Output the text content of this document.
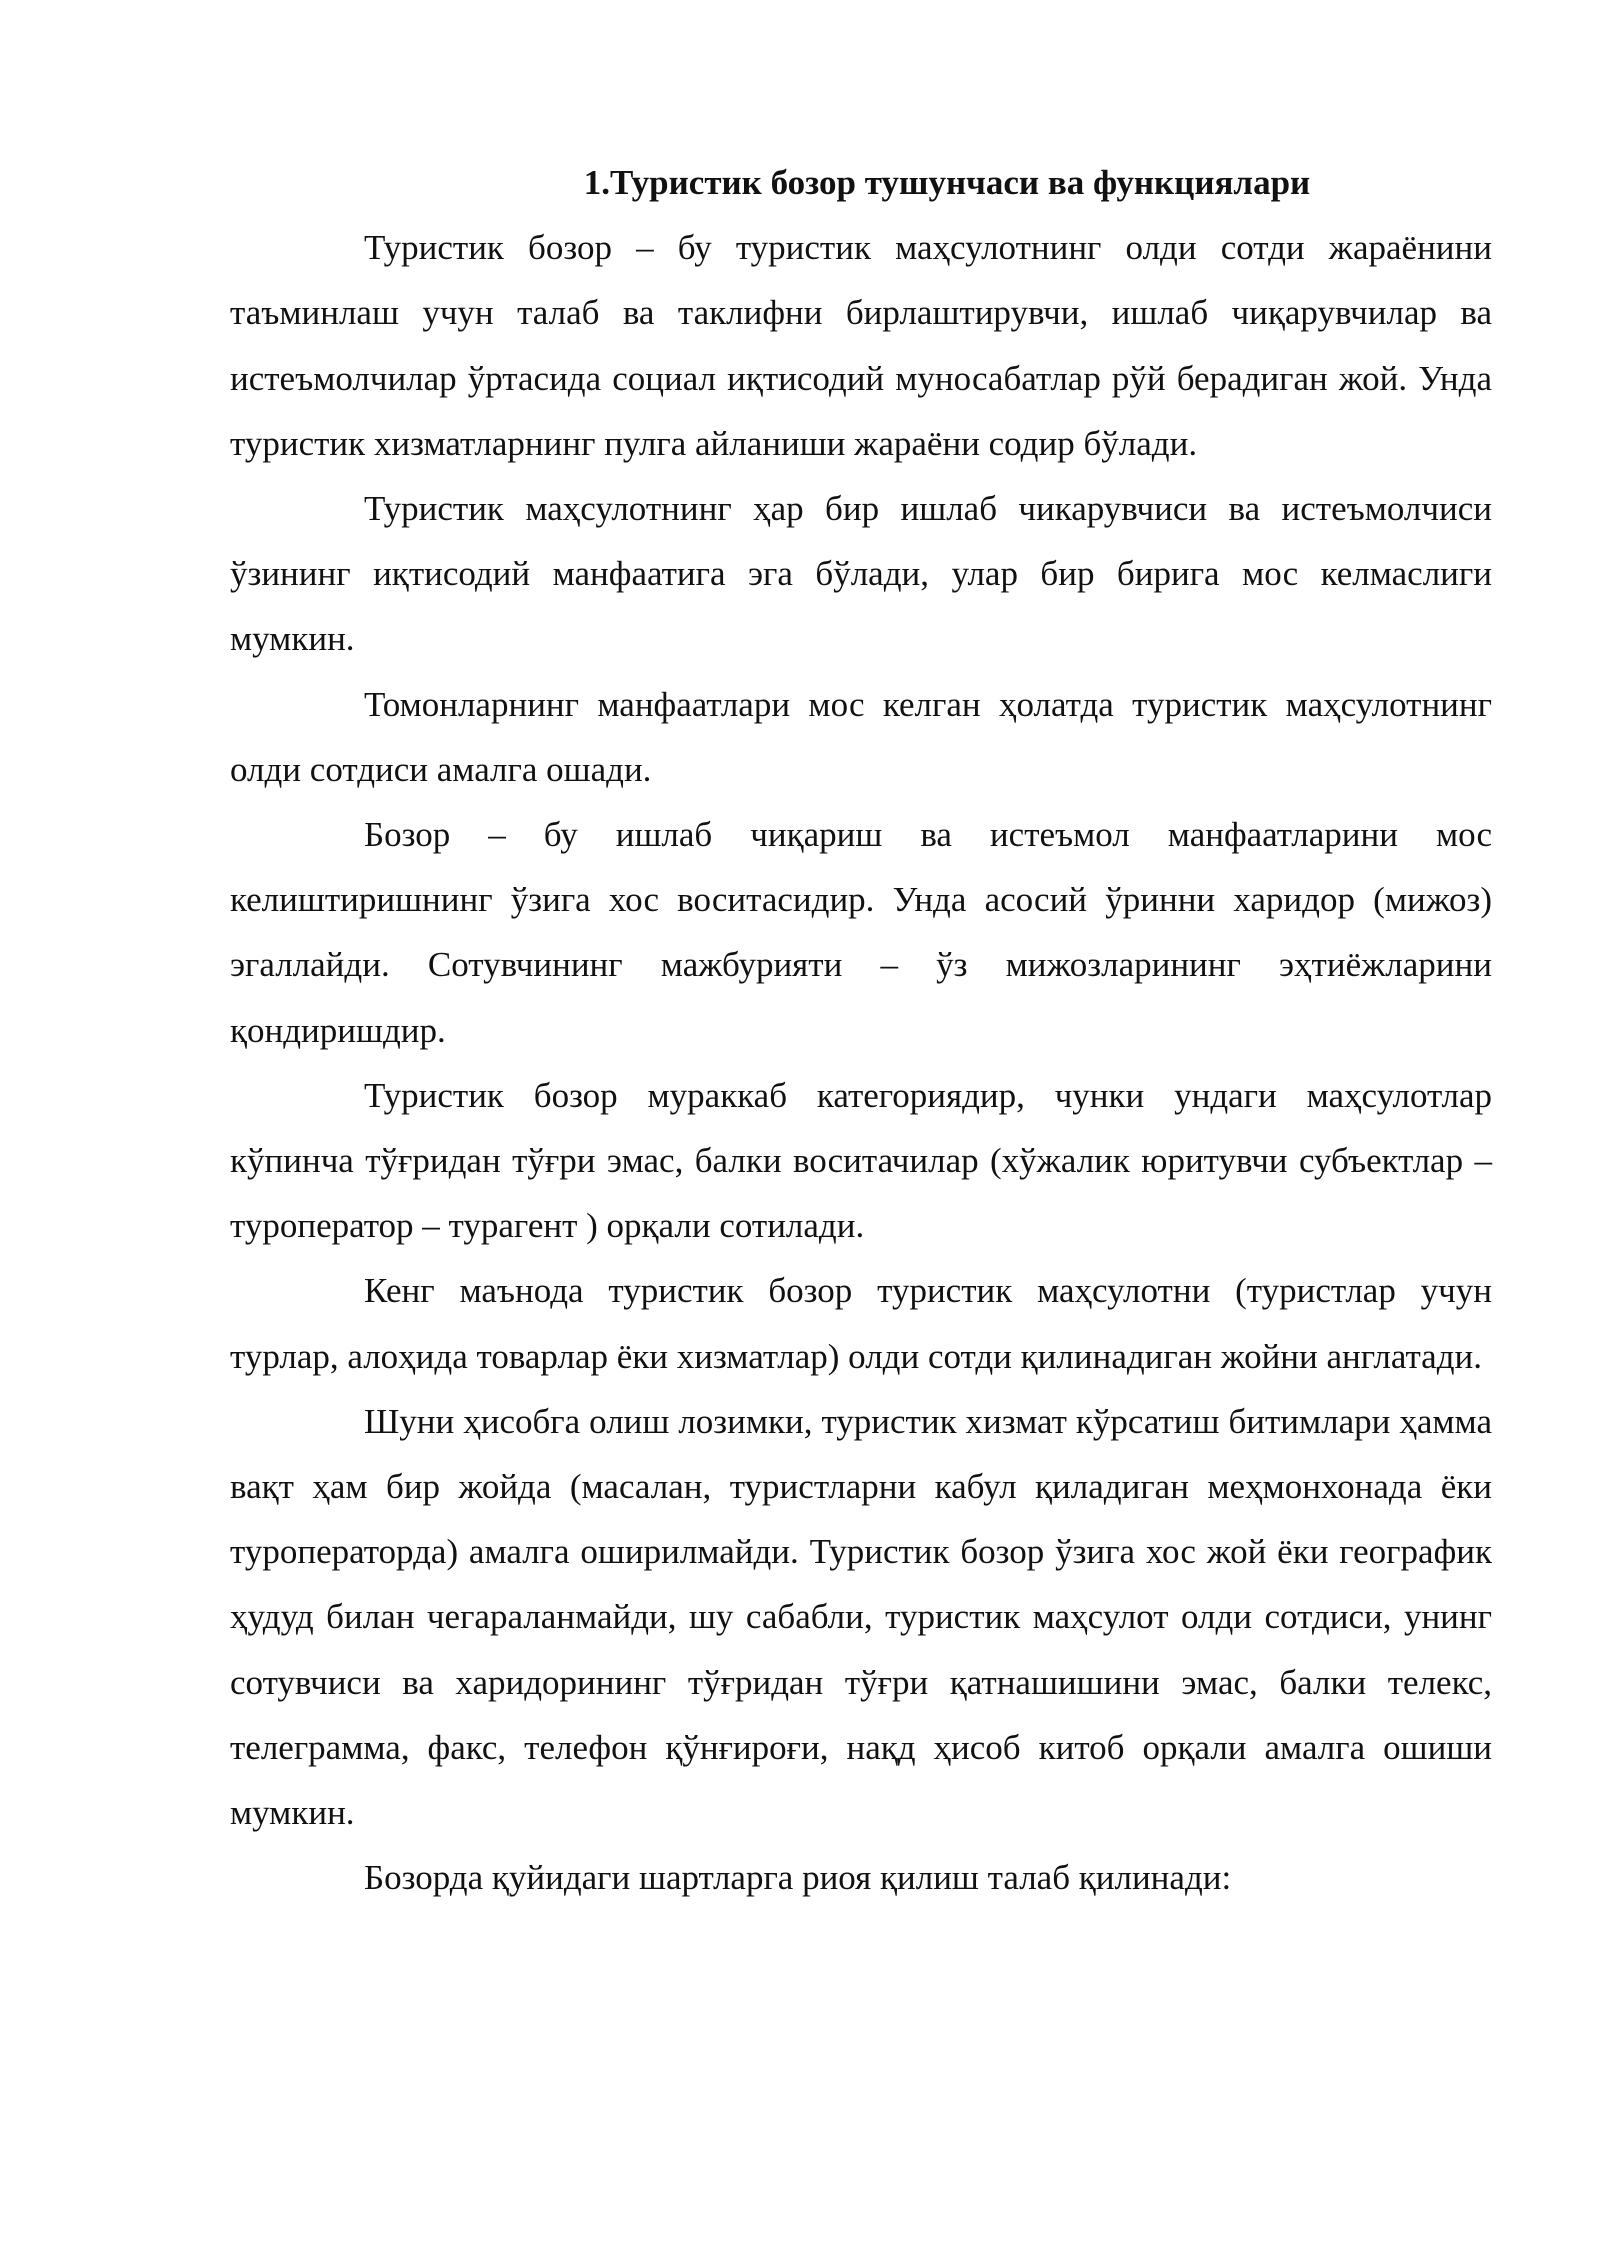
1.Туристик бозор тушунчаси ва функциялари

Туристик бозор – бу туристик маҳсулотнинг олди сотди жараёнини таъминлаш учун талаб ва таклифни бирлаштирувчи, ишлаб чиқарувчилар ва истеъмолчилар ўртасида социал иқтисодий муносабатлар рўй берадиган жой. Унда туристик хизматларнинг пулга айланиши жараёни содир бўлади.

Туристик маҳсулотнинг ҳар бир ишлаб чикарувчиси ва истеъмолчиси ўзининг иқтисодий манфаатига эга бўлади, улар бир бирига мос келмаслиги мумкин.

Томонларнинг манфаатлари мос келган ҳолатда туристик маҳсулотнинг олди сотдиси амалга ошади.

Бозор – бу ишлаб чиқариш ва истеъмол манфаатларини мос келиштиришнинг ўзига хос воситасидир. Унда асосий ўринни харидор (мижоз) эгаллайди. Сотувчининг мажбурияти – ўз мижозларининг эҳтиёжларини қондиришдир.

Туристик бозор мураккаб категориядир, чунки ундаги маҳсулотлар кўпинча тўғридан тўғри эмас, балки воситачилар (хўжалик юритувчи субъектлар – туроператор – турагент ) орқали сотилади.

Кенг маънода туристик бозор туристик маҳсулотни (туристлар учун турлар, алоҳида товарлар ёки хизматлар) олди сотди қилинадиган жойни англатади.

Шуни ҳисобга олиш лозимки, туристик хизмат кўрсатиш битимлари ҳамма вақт ҳам бир жойда (масалан, туристларни кабул қиладиган меҳмонхонада ёки туроператорда) амалга оширилмайди. Туристик бозор ўзига хос жой ёки географик ҳудуд билан чегараланмайди, шу сабабли, туристик маҳсулот олди сотдиси, унинг сотувчиси ва харидорининг тўғридан тўғри қатнашишини эмас, балки телекс, телеграмма, факс, телефон қўнғироғи, нақд ҳисоб китоб орқали амалга ошиши мумкин.

Бозорда қуйидаги шартларга риоя қилиш талаб қилинади:
